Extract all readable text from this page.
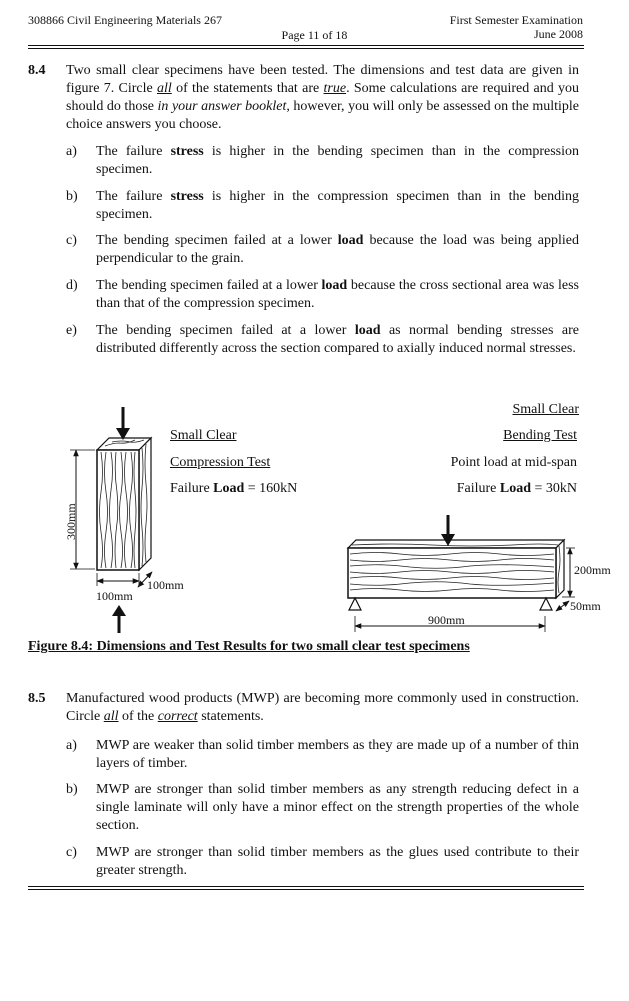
308866 Civil Engineering Materials 267
Page 11 of 18
First Semester Examination
June 2008
8.4 Two small clear specimens have been tested. The dimensions and test data are given in figure 7. Circle all of the statements that are true. Some calculations are required and you should do those in your answer booklet, however, you will only be assessed on the multiple choice answers you choose.
a) The failure stress is higher in the bending specimen than in the compression specimen.
b) The failure stress is higher in the compression specimen than in the bending specimen.
c) The bending specimen failed at a lower load because the load was being applied perpendicular to the grain.
d) The bending specimen failed at a lower load because the cross sectional area was less than that of the compression specimen.
e) The bending specimen failed at a lower load as normal bending stresses are distributed differently across the section compared to axially induced normal stresses.
Small Clear
Compression Test
Failure Load = 160kN
Small Clear
Bending Test
Point load at mid-span
Failure Load = 30kN
300mm
100mm
100mm
200mm
50mm
900mm
Figure 8.4: Dimensions and Test Results for two small clear test specimens
8.5 Manufactured wood products (MWP) are becoming more commonly used in construction. Circle all of the correct statements.
a) MWP are weaker than solid timber members as they are made up of a number of thin layers of timber.
b) MWP are stronger than solid timber members as any strength reducing defect in a single laminate will only have a minor effect on the strength properties of the whole section.
c) MWP are stronger than solid timber members as the glues used contribute to their greater strength.
